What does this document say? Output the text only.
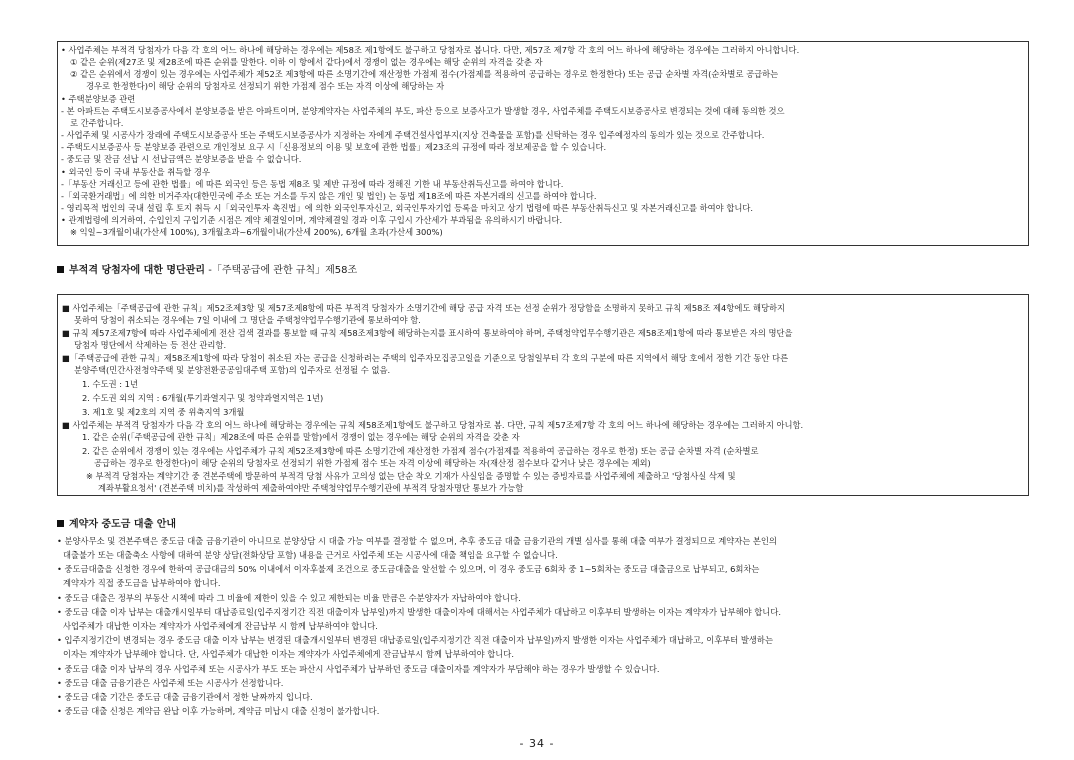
• 사업주체는 부적격 당첨자가 다음 각 호의 어느 하나에 해당하는 경우에는 제58조 제1항에도 불구하고 당첨자로 봅니다. 다만, 제57조 제7항 각 호의 어느 하나에 해당하는 경우에는 그러하지 아니합니다.
① 같은 순위(제27조 및 제28조에 따른 순위를 말한다. 이하 이 항에서 같다)에서 경쟁이 없는 경우에는 해당 순위의 자격을 갖춘 자
② 같은 순위에서 경쟁이 있는 경우에는 사업주체가 제52조 제3항에 따른 소명기간에 재산정한 가점제 점수(가점제를 적용하여 공급하는 경우로 한정한다) 또는 공급 순차별 자격(순차별로 공급하는
경우로 한정한다)이 해당 순위의 당첨자로 선정되기 위한 가점제 점수 또는 자격 이상에 해당하는 자
• 주택분양보증 관련
- 본 아파트는 주택도시보증공사에서 분양보증을 받은 아파트이며, 분양계약자는 사업주체의 부도, 파산 등으로 보증사고가 발생할 경우, 사업주체를 주택도시보증공사로 변경되는 것에 대해 동의한 것으
로 간주합니다.
- 사업주체 및 시공사가 장래에 주택도시보증공사 또는 주택도시보증공사가 지정하는 자에게 주택건설사업부지(지상 건축물을 포함)를 신탁하는 경우 입주예정자의 동의가 있는 것으로 간주합니다.
- 주택도시보증공사 등 분양보증 관련으로 개인정보 요구 시「신용정보의 이용 및 보호에 관한 법률」제23조의 규정에 따라 정보제공을 할 수 있습니다.
- 중도금 및 잔금 선납 시 선납금액은 분양보증을 받을 수 없습니다.
• 외국인 등이 국내 부동산을 취득할 경우
-「부동산 거래신고 등에 관한 법률」에 따른 외국인 등은 동법 제8조 및 제반 규정에 따라 정해진 기한 내 부동산취득신고를 하여야 합니다.
-「외국환거래법」에 의한 비거주자(대한민국에 주소 또는 거소를 두지 않은 개인 및 법인) 는 동법 제18조에 따른 자본거래의 신고를 하여야 합니다.
- 영리목적 법인의 국내 설립 후 토지 취득 시「외국인투자 촉진법」에 의한 외국인투자신고, 외국인투자기업 등록을 마치고 상기 법령에 따른 부동산취득신고 및 자본거래신고를 하여야 합니다.
• 관계법령에 의거하여, 수입인지 구입기준 시점은 계약 체결일이며, 계약체결일 경과 이후 구입시 가산세가 부과됨을 유의하시기 바랍니다.
※ 익일~3개월이내(가산세 100%), 3개월초과~6개월이내(가산세 200%), 6개월 초과(가산세 300%)
부적격 당첨자에 대한 명단관리 -「주택공급에 관한 규칙」제58조
■ 사업주체는「주택공급에 관한 규칙」제52조제3항 및 제57조제8항에 따른 부적격 당첨자가 소명기간에 해당 공급 자격 또는 선정 순위가 정당함을 소명하지 못하고 규칙 제58조 제4항에도 해당하지
못하여 당첨이 취소되는 경우에는 7일 이내에 그 명단을 주택청약업무수행기관에 통보하여야 함.
■ 규칙 제57조제7항에 따라 사업주체에게 전산 검색 결과를 통보할 때 규칙 제58조제3항에 해당하는지를 표시하여 통보하여야 하며, 주택청약업무수행기관은 제58조제1항에 따라 통보받은 자의 명단을
당첨자 명단에서 삭제하는 등 전산 관리함.
■「주택공급에 관한 규칙」제58조제1항에 따라 당첨이 취소된 자는 공급을 신청하려는 주택의 입주자모집공고일을 기준으로 당첨일부터 각 호의 구분에 따른 지역에서 해당 호에서 정한 기간 동안 다른
분양주택(민간사전청약주택 및 분양전환공공임대주택 포함)의 입주자로 선정될 수 없음.
1. 수도권 : 1년
2. 수도권 외의 지역 : 6개월(투기과열지구 및 청약과열지역은 1년)
3. 제1호 및 제2호의 지역 중 위축지역 3개월
■ 사업주체는 부적격 당첨자가 다음 각 호의 어느 하나에 해당하는 경우에는 규칙 제58조제1항에도 불구하고 당첨자로 봄. 다만, 규칙 제57조제7항 각 호의 어느 하나에 해당하는 경우에는 그러하지 아니함.
1. 같은 순위(「주택공급에 관한 규칙」제28조에 따른 순위를 말함)에서 경쟁이 없는 경우에는 해당 순위의 자격을 갖춘 자
2. 같은 순위에서 경쟁이 있는 경우에는 사업주체가 규칙 제52조제3항에 따른 소명기간에 재산정한 가점제 점수(가점제를 적용하여 공급하는 경우로 한정) 또는 공급 순차별 자격 (순차별로
공급하는 경우로 한정한다)이 해당 순위의 당첨자로 선정되기 위한 가점제 점수 또는 자격 이상에 해당하는 자(재산정 점수보다 같거나 낮은 경우에는 제외)
※ 부적격 당첨자는 계약기간 중 견본주택에 방문하여 부적격 당첨 사유가 고의성 없는 단순 착오 기재가 사실임을 증명할 수 있는 증빙자료를 사업주체에 제출하고 '당첨사실 삭제 및
계좌부활요청서' (견본주택 비치)를 작성하여 제출하여야만 주택청약업무수행기관에 부적격 당첨자명단 통보가 가능함
계약자 중도금 대출 안내
• 분양사무소 및 견본주택은 중도금 대출 금융기관이 아니므로 분양상담 시 대출 가능 여부를 결정할 수 없으며, 추후 중도금 대출 금융기관의 개별 심사를 통해 대출 여부가 결정되므로 계약자는 본인의
대출불가 또는 대출축소 사항에 대하여 분양 상담(전화상담 포함) 내용을 근거로 사업주체 또는 시공사에 대출 책임을 요구할 수 없습니다.
• 중도금대출을 신청한 경우에 한하여 공급대금의 50% 이내에서 이자후불제 조건으로 중도금대출을 알선할 수 있으며, 이 경우 중도금 6회차 중 1~5회차는 중도금 대출금으로 납부되고, 6회차는
계약자가 직접 중도금을 납부하여야 합니다.
• 중도금 대출은 정부의 부동산 시책에 따라 그 비율에 제한이 있을 수 있고 제한되는 비율 만큼은 수분양자가 자납하여야 합니다.
• 중도금 대출 이자 납부는 대출개시일부터 대납종료일(입주지정기간 직전 대출이자 납부일)까지 발생한 대출이자에 대해서는 사업주체가 대납하고 이후부터 발생하는 이자는 계약자가 납부해야 합니다.
사업주체가 대납한 이자는 계약자가 사업주체에게 잔금납부 시 함께 납부하여야 합니다.
• 입주지정기간이 변경되는 경우 중도금 대출 이자 납부는 변경된 대출개시일부터 변경된 대납종료일(입주지정기간 직전 대출이자 납부일)까지 발생한 이자는 사업주체가 대납하고, 이후부터 발생하는
이자는 계약자가 납부해야 합니다. 단, 사업주체가 대납한 이자는 계약자가 사업주체에게 잔금납부시 함께 납부하여야 합니다.
• 중도금 대출 이자 납부의 경우 사업주체 또는 시공사가 부도 또는 파산시 사업주체가 납부하던 중도금 대출이자를 계약자가 부담해야 하는 경우가 발생할 수 있습니다.
• 중도금 대출 금융기관은 사업주체 또는 시공사가 선정합니다.
• 중도금 대출 기간은 중도금 대출 금융기관에서 정한 날짜까지 입니다.
• 중도금 대출 신청은 계약금 완납 이후 가능하며, 계약금 미납시 대출 신청이 불가합니다.
- 34 -
